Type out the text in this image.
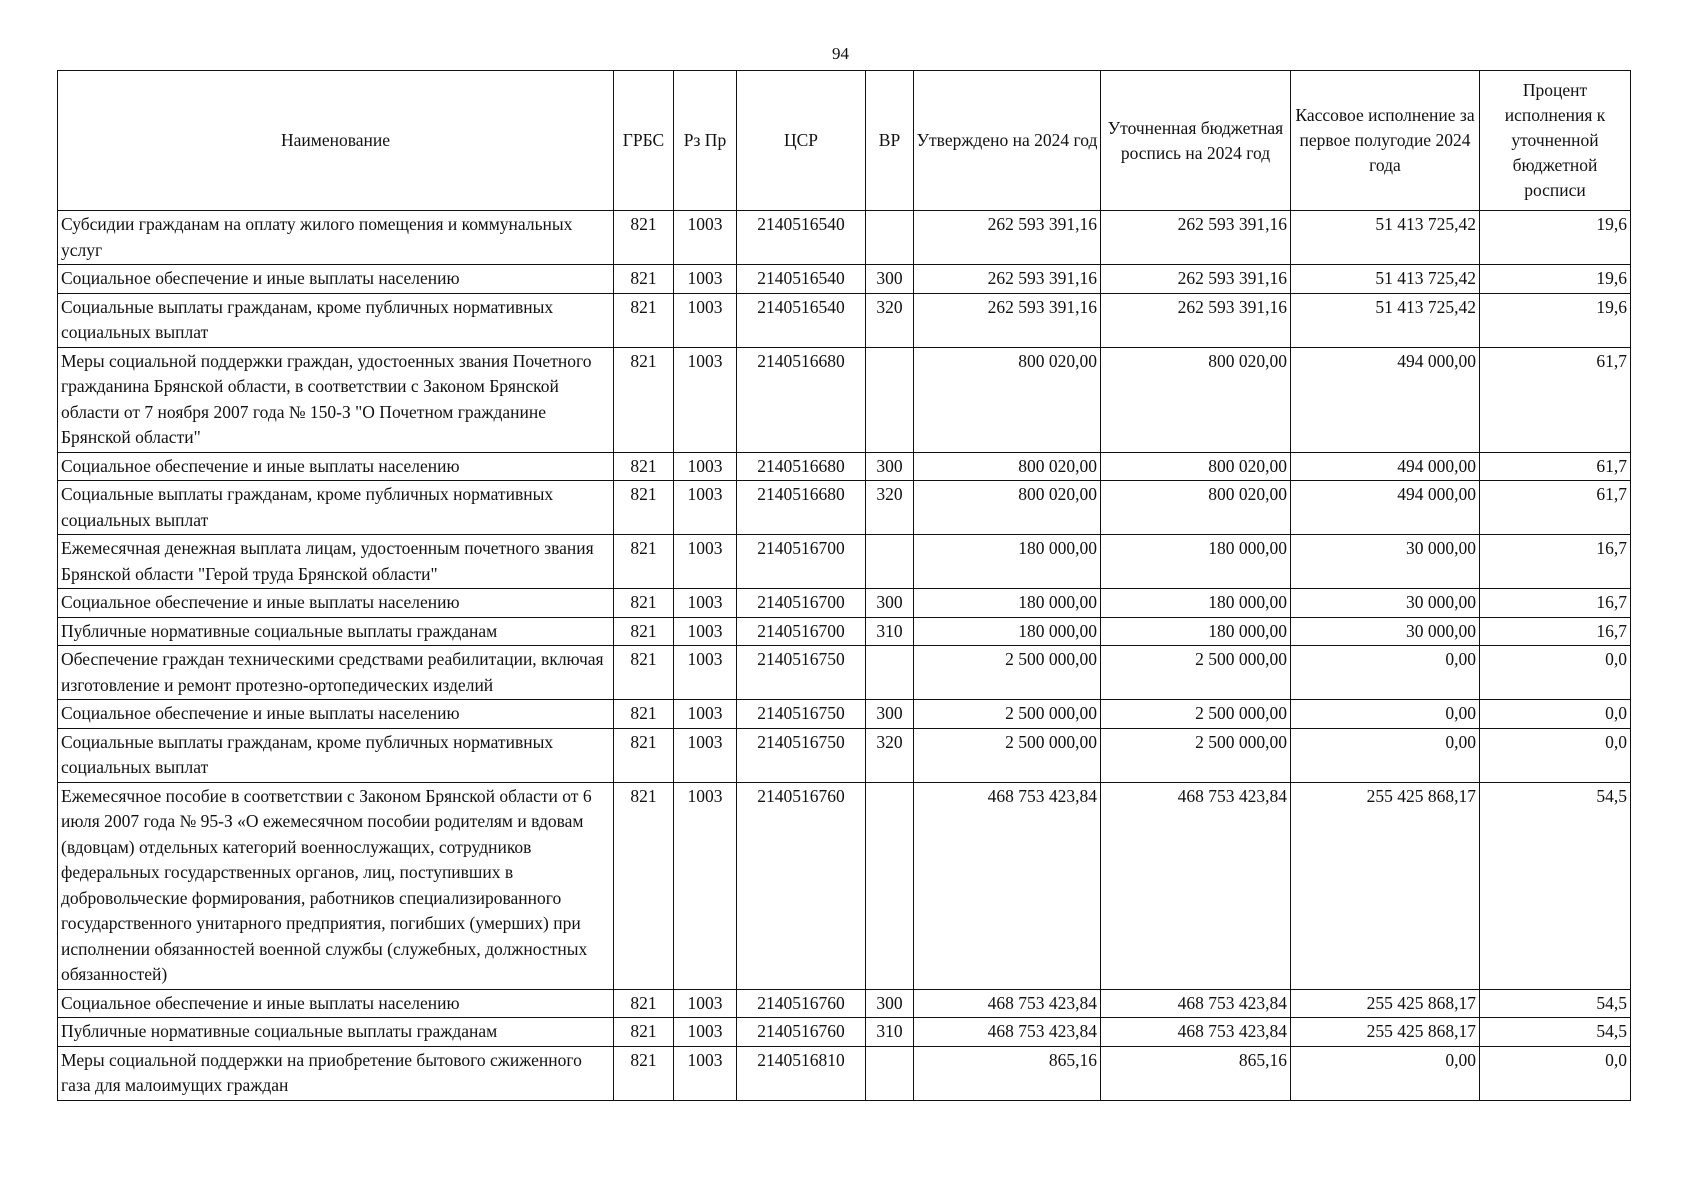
94
Наименование	ГРБС	Рз Пр	ЦСР	ВР	Утверждено на 2024 год	Уточненная бюджетная роспись на 2024 год	Кассовое исполнение за первое полугодие 2024 года	Процент исполнения к уточненной бюджетной росписи
Субсидии гражданам на оплату жилого помещения и коммунальных услуг	821	1003	2140516540		262 593 391,16	262 593 391,16	51 413 725,42	19,6
Социальное обеспечение и иные выплаты населению	821	1003	2140516540	300	262 593 391,16	262 593 391,16	51 413 725,42	19,6
Социальные выплаты гражданам, кроме публичных нормативных социальных выплат	821	1003	2140516540	320	262 593 391,16	262 593 391,16	51 413 725,42	19,6
Меры социальной поддержки граждан, удостоенных звания Почетного гражданина Брянской области, в соответствии с Законом Брянской области от 7 ноября 2007 года № 150-З "О Почетном гражданине Брянской области"	821	1003	2140516680		800 020,00	800 020,00	494 000,00	61,7
Социальное обеспечение и иные выплаты населению	821	1003	2140516680	300	800 020,00	800 020,00	494 000,00	61,7
Социальные выплаты гражданам, кроме публичных нормативных социальных выплат	821	1003	2140516680	320	800 020,00	800 020,00	494 000,00	61,7
Ежемесячная денежная выплата лицам, удостоенным почетного звания Брянской области "Герой труда Брянской области"	821	1003	2140516700		180 000,00	180 000,00	30 000,00	16,7
Социальное обеспечение и иные выплаты населению	821	1003	2140516700	300	180 000,00	180 000,00	30 000,00	16,7
Публичные нормативные социальные выплаты гражданам	821	1003	2140516700	310	180 000,00	180 000,00	30 000,00	16,7
Обеспечение граждан техническими средствами реабилитации, включая изготовление и ремонт протезно-ортопедических изделий	821	1003	2140516750		2 500 000,00	2 500 000,00	0,00	0,0
Социальное обеспечение и иные выплаты населению	821	1003	2140516750	300	2 500 000,00	2 500 000,00	0,00	0,0
Социальные выплаты гражданам, кроме публичных нормативных социальных выплат	821	1003	2140516750	320	2 500 000,00	2 500 000,00	0,00	0,0
Ежемесячное пособие в соответствии с Законом Брянской области от 6 июля 2007 года № 95-З «О ежемесячном пособии родителям и вдовам (вдовцам) отдельных категорий военнослужащих, сотрудников федеральных государственных органов, лиц, поступивших в добровольческие формирования, работников специализированного государственного унитарного предприятия, погибших (умерших) при исполнении обязанностей военной службы (служебных, должностных обязанностей)	821	1003	2140516760		468 753 423,84	468 753 423,84	255 425 868,17	54,5
Социальное обеспечение и иные выплаты населению	821	1003	2140516760	300	468 753 423,84	468 753 423,84	255 425 868,17	54,5
Публичные нормативные социальные выплаты гражданам	821	1003	2140516760	310	468 753 423,84	468 753 423,84	255 425 868,17	54,5
Меры социальной поддержки на приобретение бытового сжиженного газа для малоимущих граждан	821	1003	2140516810		865,16	865,16	0,00	0,0
